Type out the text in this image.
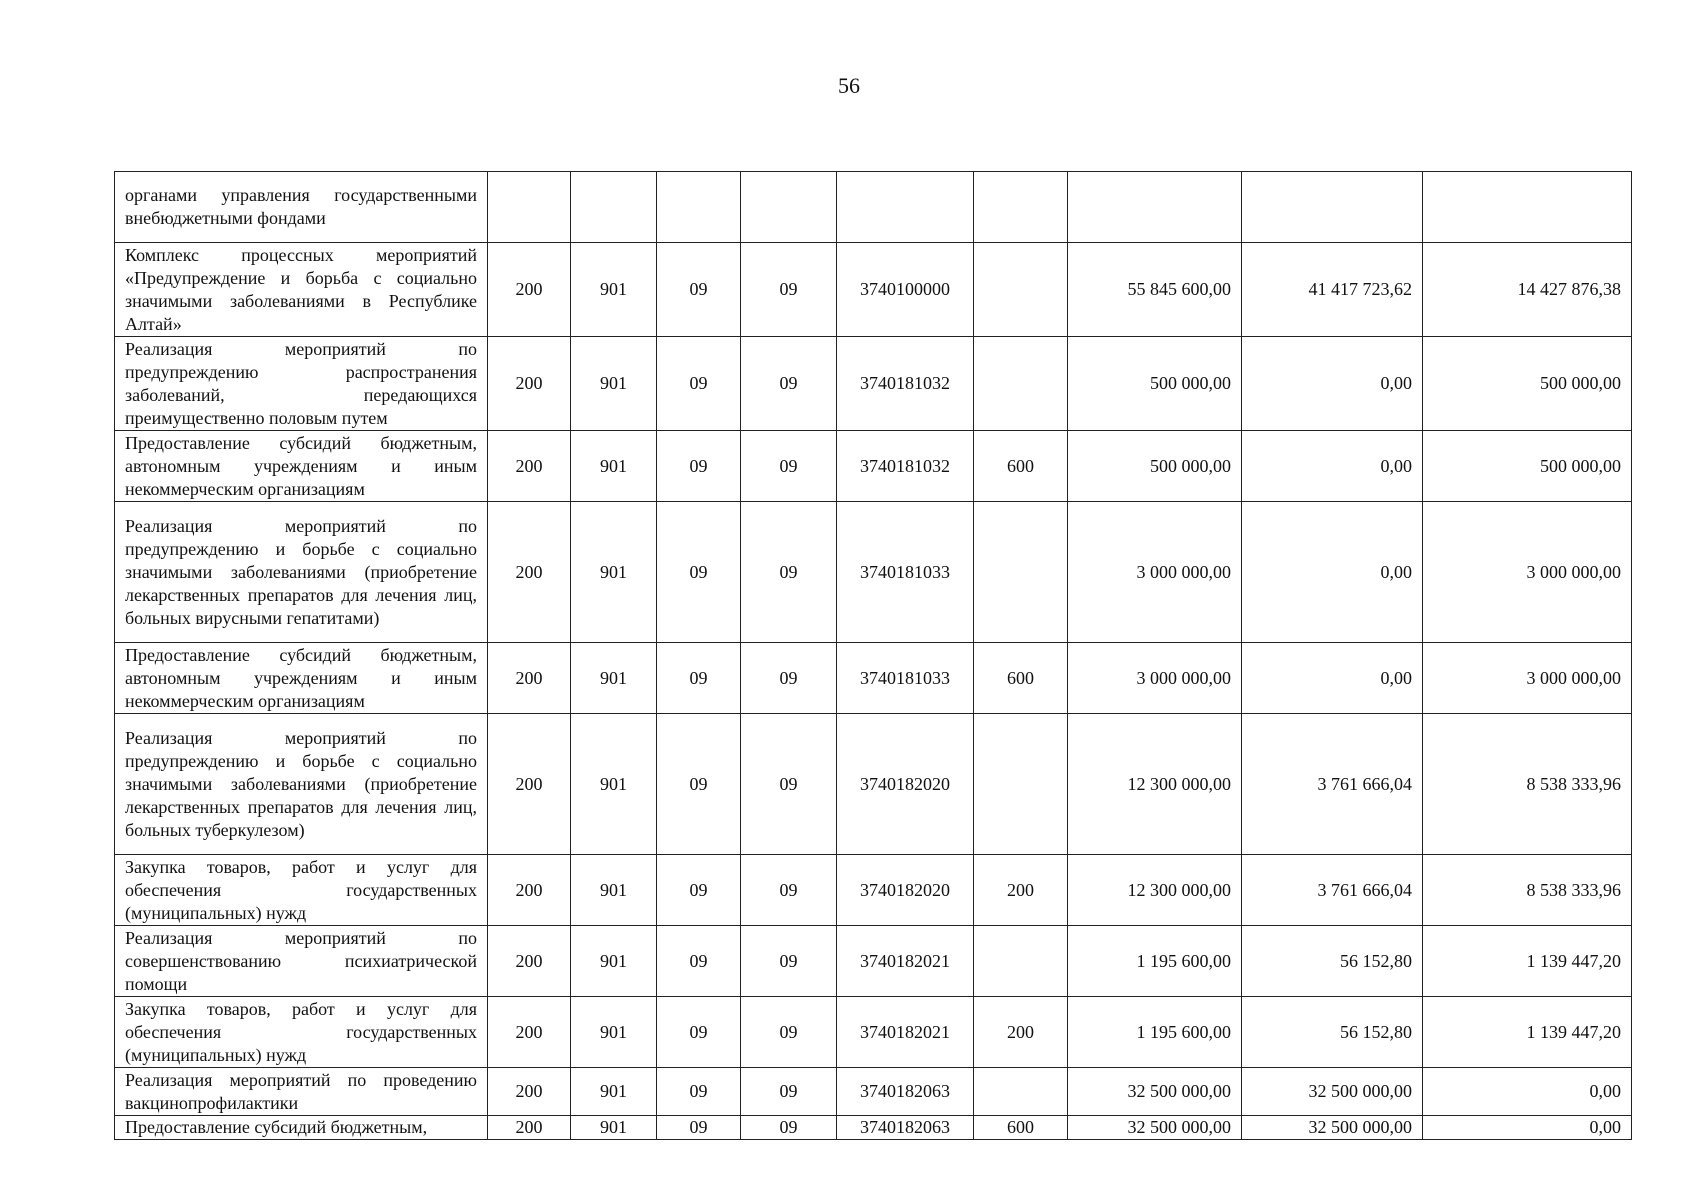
56
органами управления государственными внебюджетными фондами									
Комплекс процессных мероприятий «Предупреждение и борьба с социально значимыми заболеваниями в Республике Алтай»	200	901	09	09	3740100000		55 845 600,00	41 417 723,62	14 427 876,38
Реализация мероприятий по предупреждению распространения заболеваний, передающихся преимущественно половым путем	200	901	09	09	3740181032		500 000,00	0,00	500 000,00
Предоставление субсидий бюджетным, автономным учреждениям и иным некоммерческим организациям	200	901	09	09	3740181032	600	500 000,00	0,00	500 000,00
Реализация мероприятий по предупреждению и борьбе с социально значимыми заболеваниями (приобретение лекарственных препаратов для лечения лиц, больных вирусными гепатитами)	200	901	09	09	3740181033		3 000 000,00	0,00	3 000 000,00
Предоставление субсидий бюджетным, автономным учреждениям и иным некоммерческим организациям	200	901	09	09	3740181033	600	3 000 000,00	0,00	3 000 000,00
Реализация мероприятий по предупреждению и борьбе с социально значимыми заболеваниями (приобретение лекарственных препаратов для лечения лиц, больных туберкулезом)	200	901	09	09	3740182020		12 300 000,00	3 761 666,04	8 538 333,96
Закупка товаров, работ и услуг для обеспечения государственных (муниципальных) нужд	200	901	09	09	3740182020	200	12 300 000,00	3 761 666,04	8 538 333,96
Реализация мероприятий по совершенствованию психиатрической помощи	200	901	09	09	3740182021		1 195 600,00	56 152,80	1 139 447,20
Закупка товаров, работ и услуг для обеспечения государственных (муниципальных) нужд	200	901	09	09	3740182021	200	1 195 600,00	56 152,80	1 139 447,20
Реализация мероприятий по проведению вакцинопрофилактики	200	901	09	09	3740182063		32 500 000,00	32 500 000,00	0,00
Предоставление субсидий бюджетным,	200	901	09	09	3740182063	600	32 500 000,00	32 500 000,00	0,00
